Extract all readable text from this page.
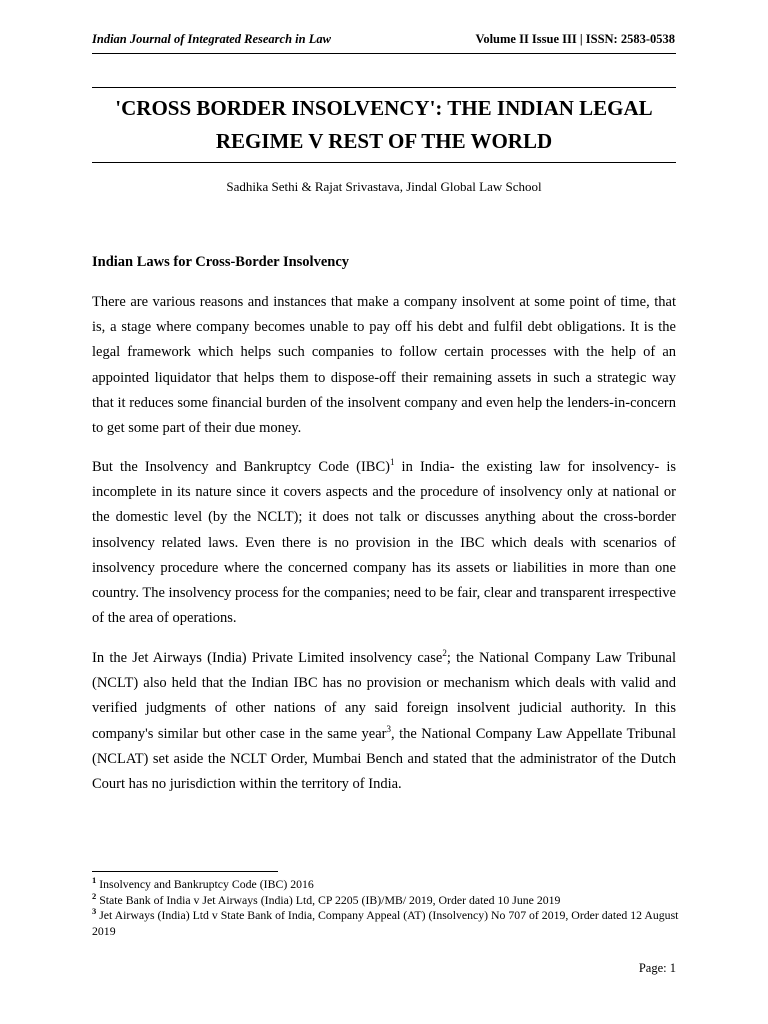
Indian Journal of Integrated Research in Law	Volume II Issue III | ISSN: 2583-0538
'CROSS BORDER INSOLVENCY': THE INDIAN LEGAL
REGIME V REST OF THE WORLD
Sadhika Sethi & Rajat Srivastava, Jindal Global Law School
Indian Laws for Cross-Border Insolvency

There are various reasons and instances that make a company insolvent at some point of time, that is, a stage where company becomes unable to pay off his debt and fulfil debt obligations. It is the legal framework which helps such companies to follow certain processes with the help of an appointed liquidator that helps them to dispose-off their remaining assets in such a strategic way that it reduces some financial burden of the insolvent company and even help the lenders-in-concern to get some part of their due money.

But the Insolvency and Bankruptcy Code (IBC)$^1$ in India- the existing law for insolvency- is incomplete in its nature since it covers aspects and the procedure of insolvency only at national or the domestic level (by the NCLT); it does not talk or discusses anything about the cross-border insolvency related laws. Even there is no provision in the IBC which deals with scenarios of insolvency procedure where the concerned company has its assets or liabilities in more than one country. The insolvency process for the companies; need to be fair, clear and transparent irrespective of the area of operations.

In the Jet Airways (India) Private Limited insolvency case$^2$; the National Company Law Tribunal (NCLT) also held that the Indian IBC has no provision or mechanism which deals with valid and verified judgments of other nations of any said foreign insolvent judicial authority. In this company's similar but other case in the same year$^3$, the National Company Law Appellate Tribunal (NCLAT) set aside the NCLT Order, Mumbai Bench and stated that the administrator of the Dutch Court has no jurisdiction within the territory of India.

$^1$ Insolvency and Bankruptcy Code (IBC) 2016

$^2$ State Bank of India v Jet Airways (India) Ltd, CP 2205 (IB)/MB/ 2019, Order dated 10 June 2019

$^3$ Jet Airways (India) Ltd v State Bank of India, Company Appeal (AT) (Insolvency) No 707 of 2019, Order dated 12 August 2019

Page: 1
